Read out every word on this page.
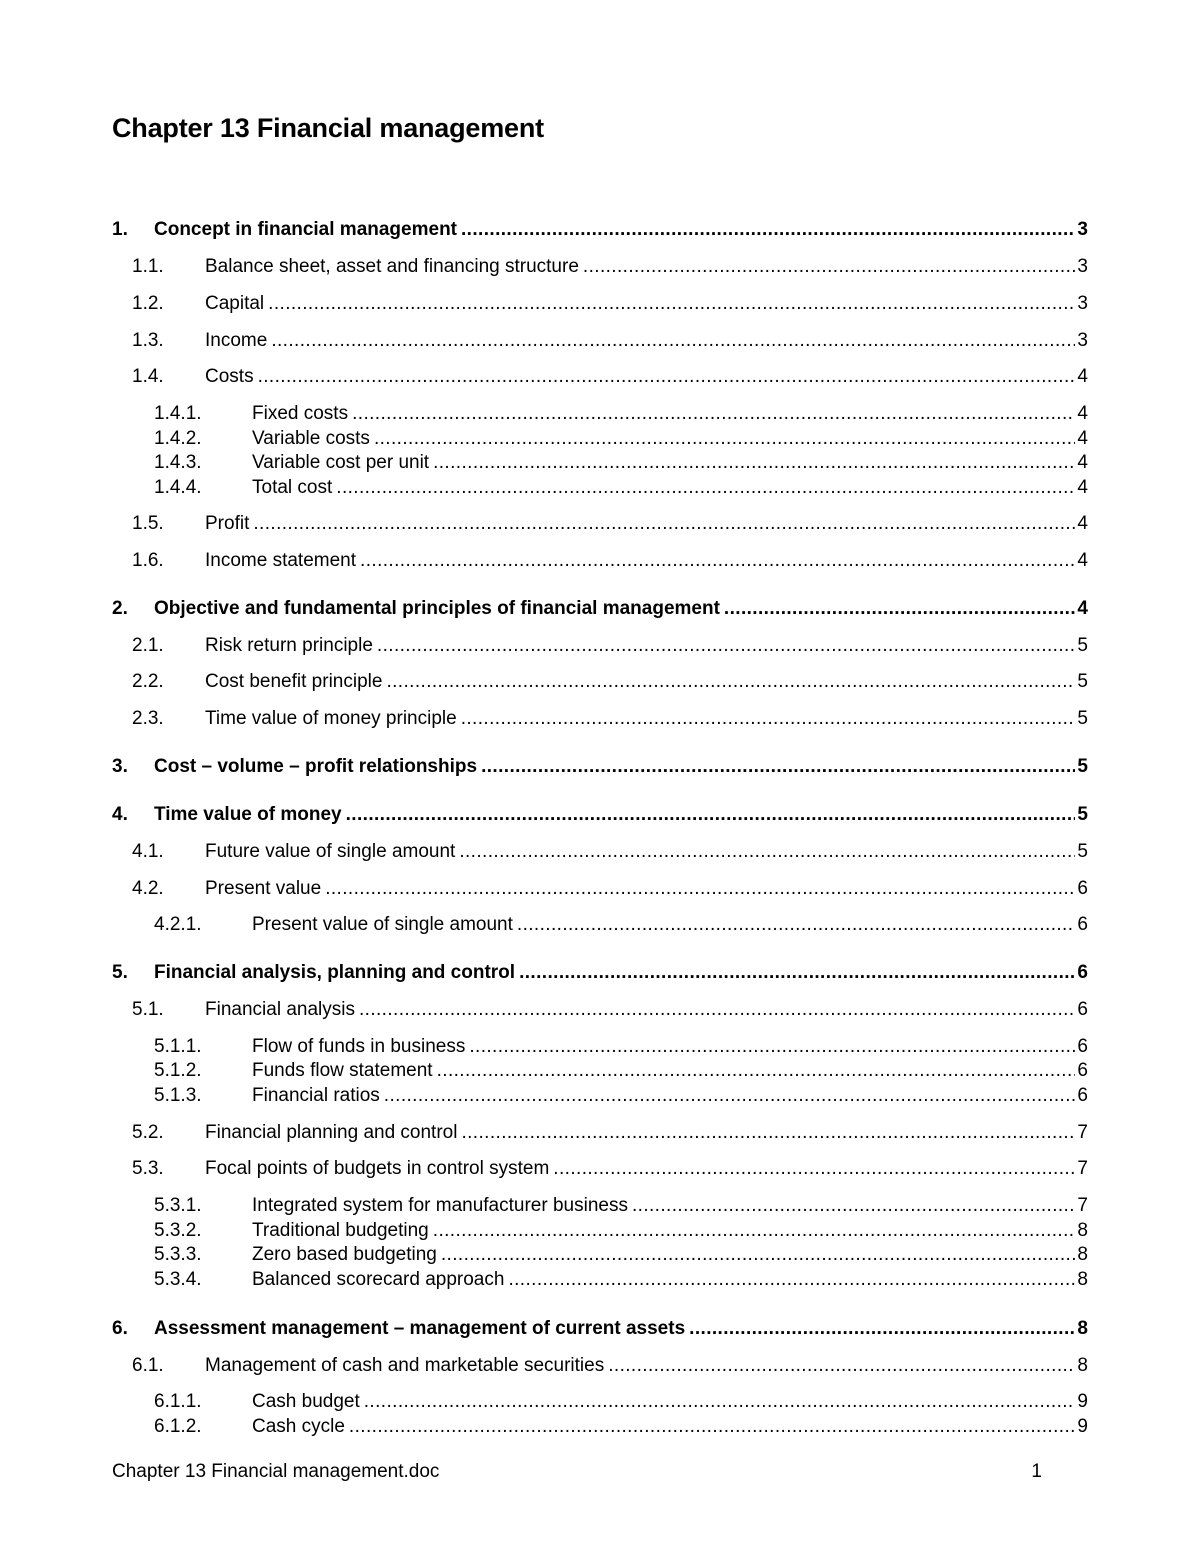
Chapter 13 Financial management
1.	Concept in financial management .....	3
1.1.	Balance sheet, asset and financing structure .....	3
1.2.	Capital .....	3
1.3.	Income .....	3
1.4.	Costs .....	4
1.4.1.	Fixed costs .....	4
1.4.2.	Variable costs .....	4
1.4.3.	Variable cost per unit .....	4
1.4.4.	Total cost .....	4
1.5.	Profit .....	4
1.6.	Income statement .....	4
2.	Objective and fundamental principles of financial management .....	4
2.1.	Risk return principle .....	5
2.2.	Cost benefit principle .....	5
2.3.	Time value of money principle .....	5
3.	Cost – volume – profit relationships .....	5
4.	Time value of money .....	5
4.1.	Future value of single amount .....	5
4.2.	Present value .....	6
4.2.1.	Present value of single amount .....	6
5.	Financial analysis, planning and control .....	6
5.1.	Financial analysis .....	6
5.1.1.	Flow of funds in business .....	6
5.1.2.	Funds flow statement .....	6
5.1.3.	Financial ratios .....	6
5.2.	Financial planning and control .....	7
5.3.	Focal points of budgets in control system .....	7
5.3.1.	Integrated system for manufacturer business .....	7
5.3.2.	Traditional budgeting .....	8
5.3.3.	Zero based budgeting .....	8
5.3.4.	Balanced scorecard approach .....	8
6.	Assessment management – management of current assets .....	8
6.1.	Management of cash and marketable securities .....	8
6.1.1.	Cash budget .....	9
6.1.2.	Cash cycle .....	9
Chapter 13 Financial management.doc	1
